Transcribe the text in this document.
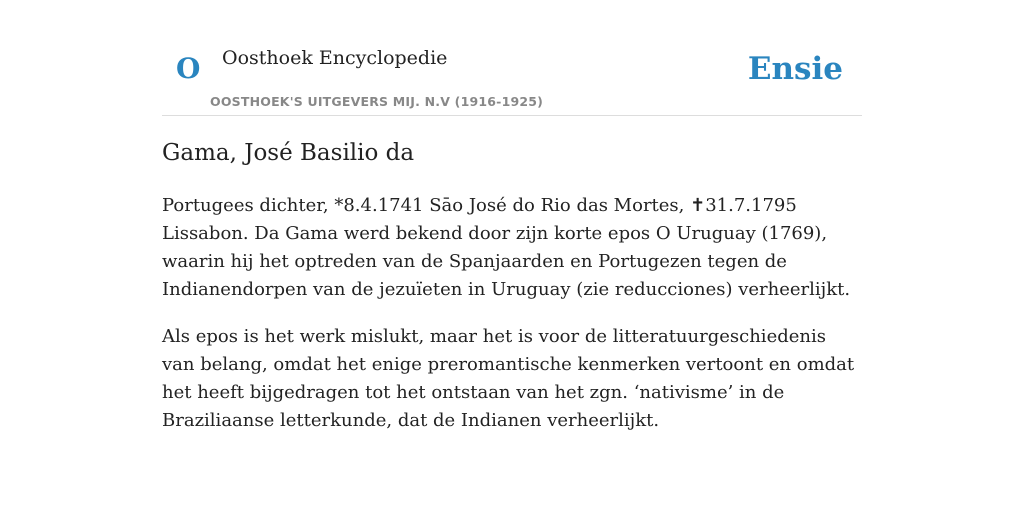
O Oosthoek Encyclopedie
OOSTHOEK'S UITGEVERS MIJ. N.V (1916-1925)
Ensie
Gama, José Basilio da

Portugees dichter, *8.4.1741 Sāo José do Rio das Mortes, ✝31.7.1795 Lissabon. Da Gama werd bekend door zijn korte epos O Uruguay (1769), waarin hij het optreden van de Spanjaarden en Portugezen tegen de Indianendorpen van de jezuïeten in Uruguay (zie reducciones) verheerlijkt.

Als epos is het werk mislukt, maar het is voor de litteratuurgeschiedenis van belang, omdat het enige preromantische kenmerken vertoont en omdat het heeft bijgedragen tot het ontstaan van het zgn. ‘nativisme’ in de Braziliaanse letterkunde, dat de Indianen verheerlijkt.
